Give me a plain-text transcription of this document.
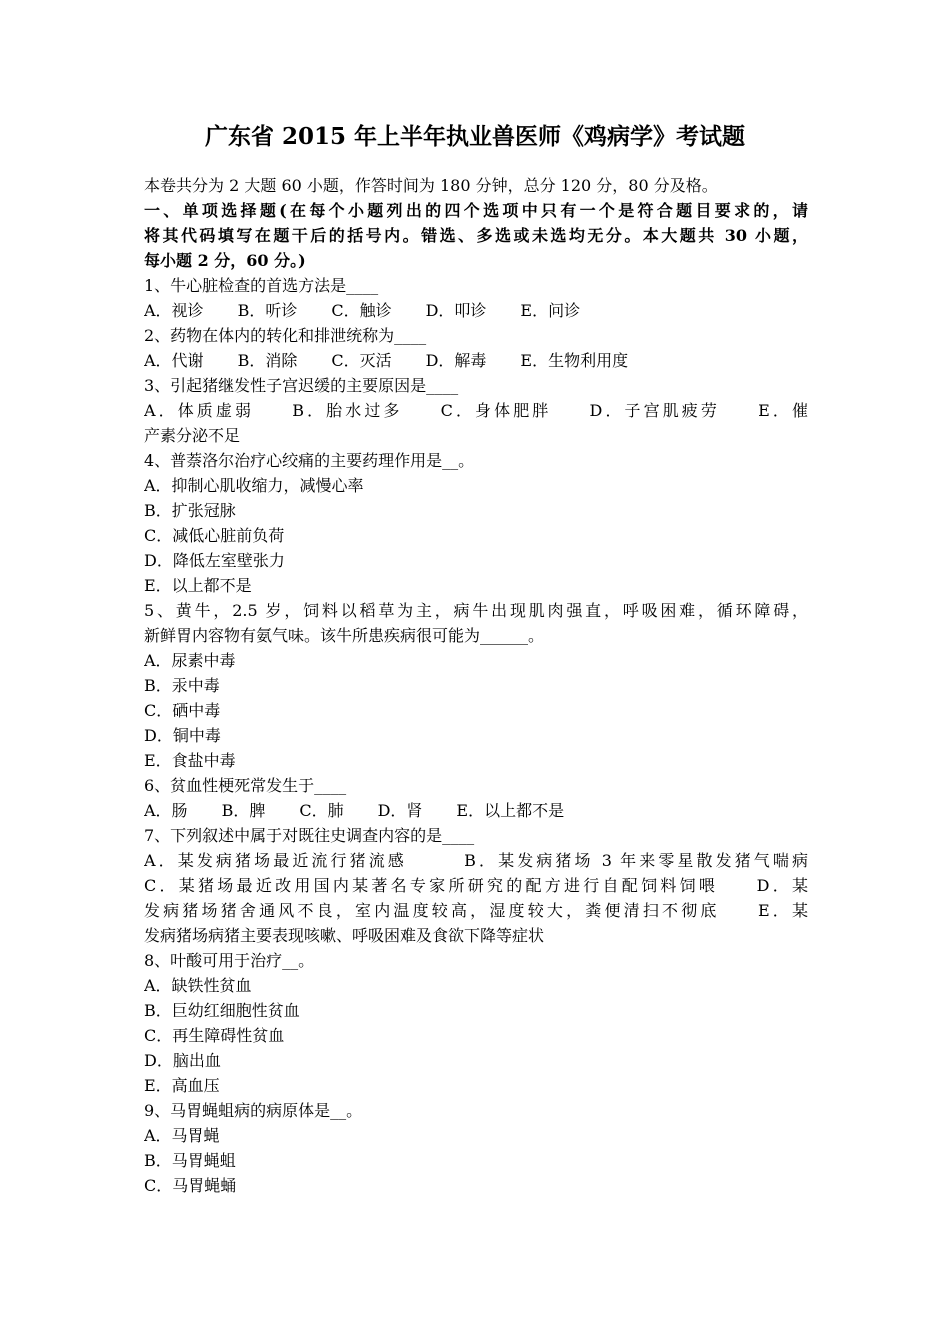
广东省 2015 年上半年执业兽医师《鸡病学》考试题
本卷共分为 2 大题 60 小题，作答时间为 180 分钟，总分 120 分，80 分及格。
一、单项选择题(在每个小题列出的四个选项中只有一个是符合题目要求的，请
将其代码填写在题干后的括号内。错选、多选或未选均无分。本大题共 30 小题，
每小题 2 分，60 分。)
1、牛心脏检查的首选方法是____
A．视诊 B．听诊 C．触诊 D．叩诊 E．问诊
2、药物在体内的转化和排泄统称为____
A．代谢 B．消除 C．灭活 D．解毒 E．生物利用度
3、引起猪继发性子宫迟缓的主要原因是____
A．体质虚弱　　B．胎水过多　　C．身体肥胖　　D．子宫肌疲劳　　E．催
产素分泌不足
4、普萘洛尔治疗心绞痛的主要药理作用是__。
A．抑制心肌收缩力，减慢心率
B．扩张冠脉
C．减低心脏前负荷
D．降低左室壁张力
E．以上都不是
5、黄牛，2.5 岁，饲料以稻草为主，病牛出现肌肉强直，呼吸困难，循环障碍，
新鲜胃内容物有氨气味。该牛所患疾病很可能为______。
A．尿素中毒
B．汞中毒
C．硒中毒
D．铜中毒
E．食盐中毒
6、贫血性梗死常发生于____
A．肠 B．脾 C．肺 D．肾 E．以上都不是
7、下列叙述中属于对既往史调查内容的是____
A．某发病猪场最近流行猪流感　　　B．某发病猪场 3 年来零星散发猪气喘病
C．某猪场最近改用国内某著名专家所研究的配方进行自配饲料饲喂　　D．某
发病猪场猪舍通风不良，室内温度较高，湿度较大，粪便清扫不彻底　　E．某
发病猪场病猪主要表现咳嗽、呼吸困难及食欲下降等症状
8、叶酸可用于治疗__。
A．缺铁性贫血
B．巨幼红细胞性贫血
C．再生障碍性贫血
D．脑出血
E．高血压
9、马胃蝇蛆病的病原体是__。
A．马胃蝇
B．马胃蝇蛆
C．马胃蝇蛹
